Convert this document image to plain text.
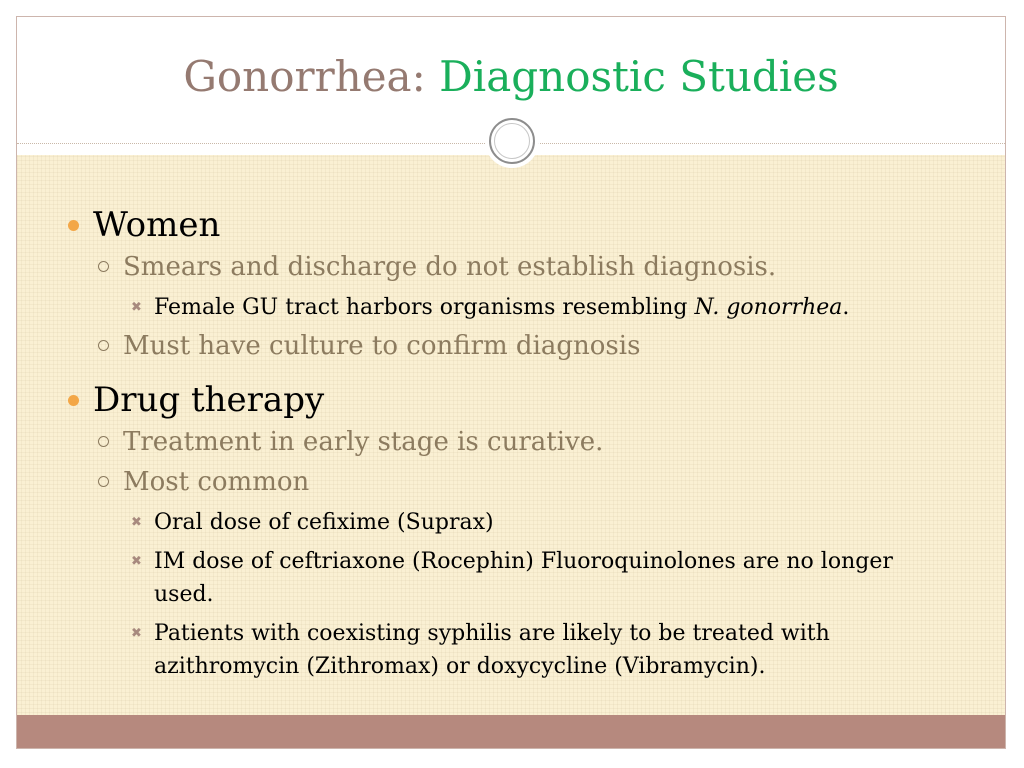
Gonorrhea: Diagnostic Studies
Women
Smears and discharge do not establish diagnosis.
✖ Female GU tract harbors organisms resembling N. gonorrhea.
Must have culture to confirm diagnosis
Drug therapy
Treatment in early stage is curative.
Most common
✖ Oral dose of cefixime (Suprax)
✖ IM dose of ceftriaxone (Rocephin) Fluoroquinolones are no longer used.
✖ Patients with coexisting syphilis are likely to be treated with azithromycin (Zithromax) or doxycycline (Vibramycin).
